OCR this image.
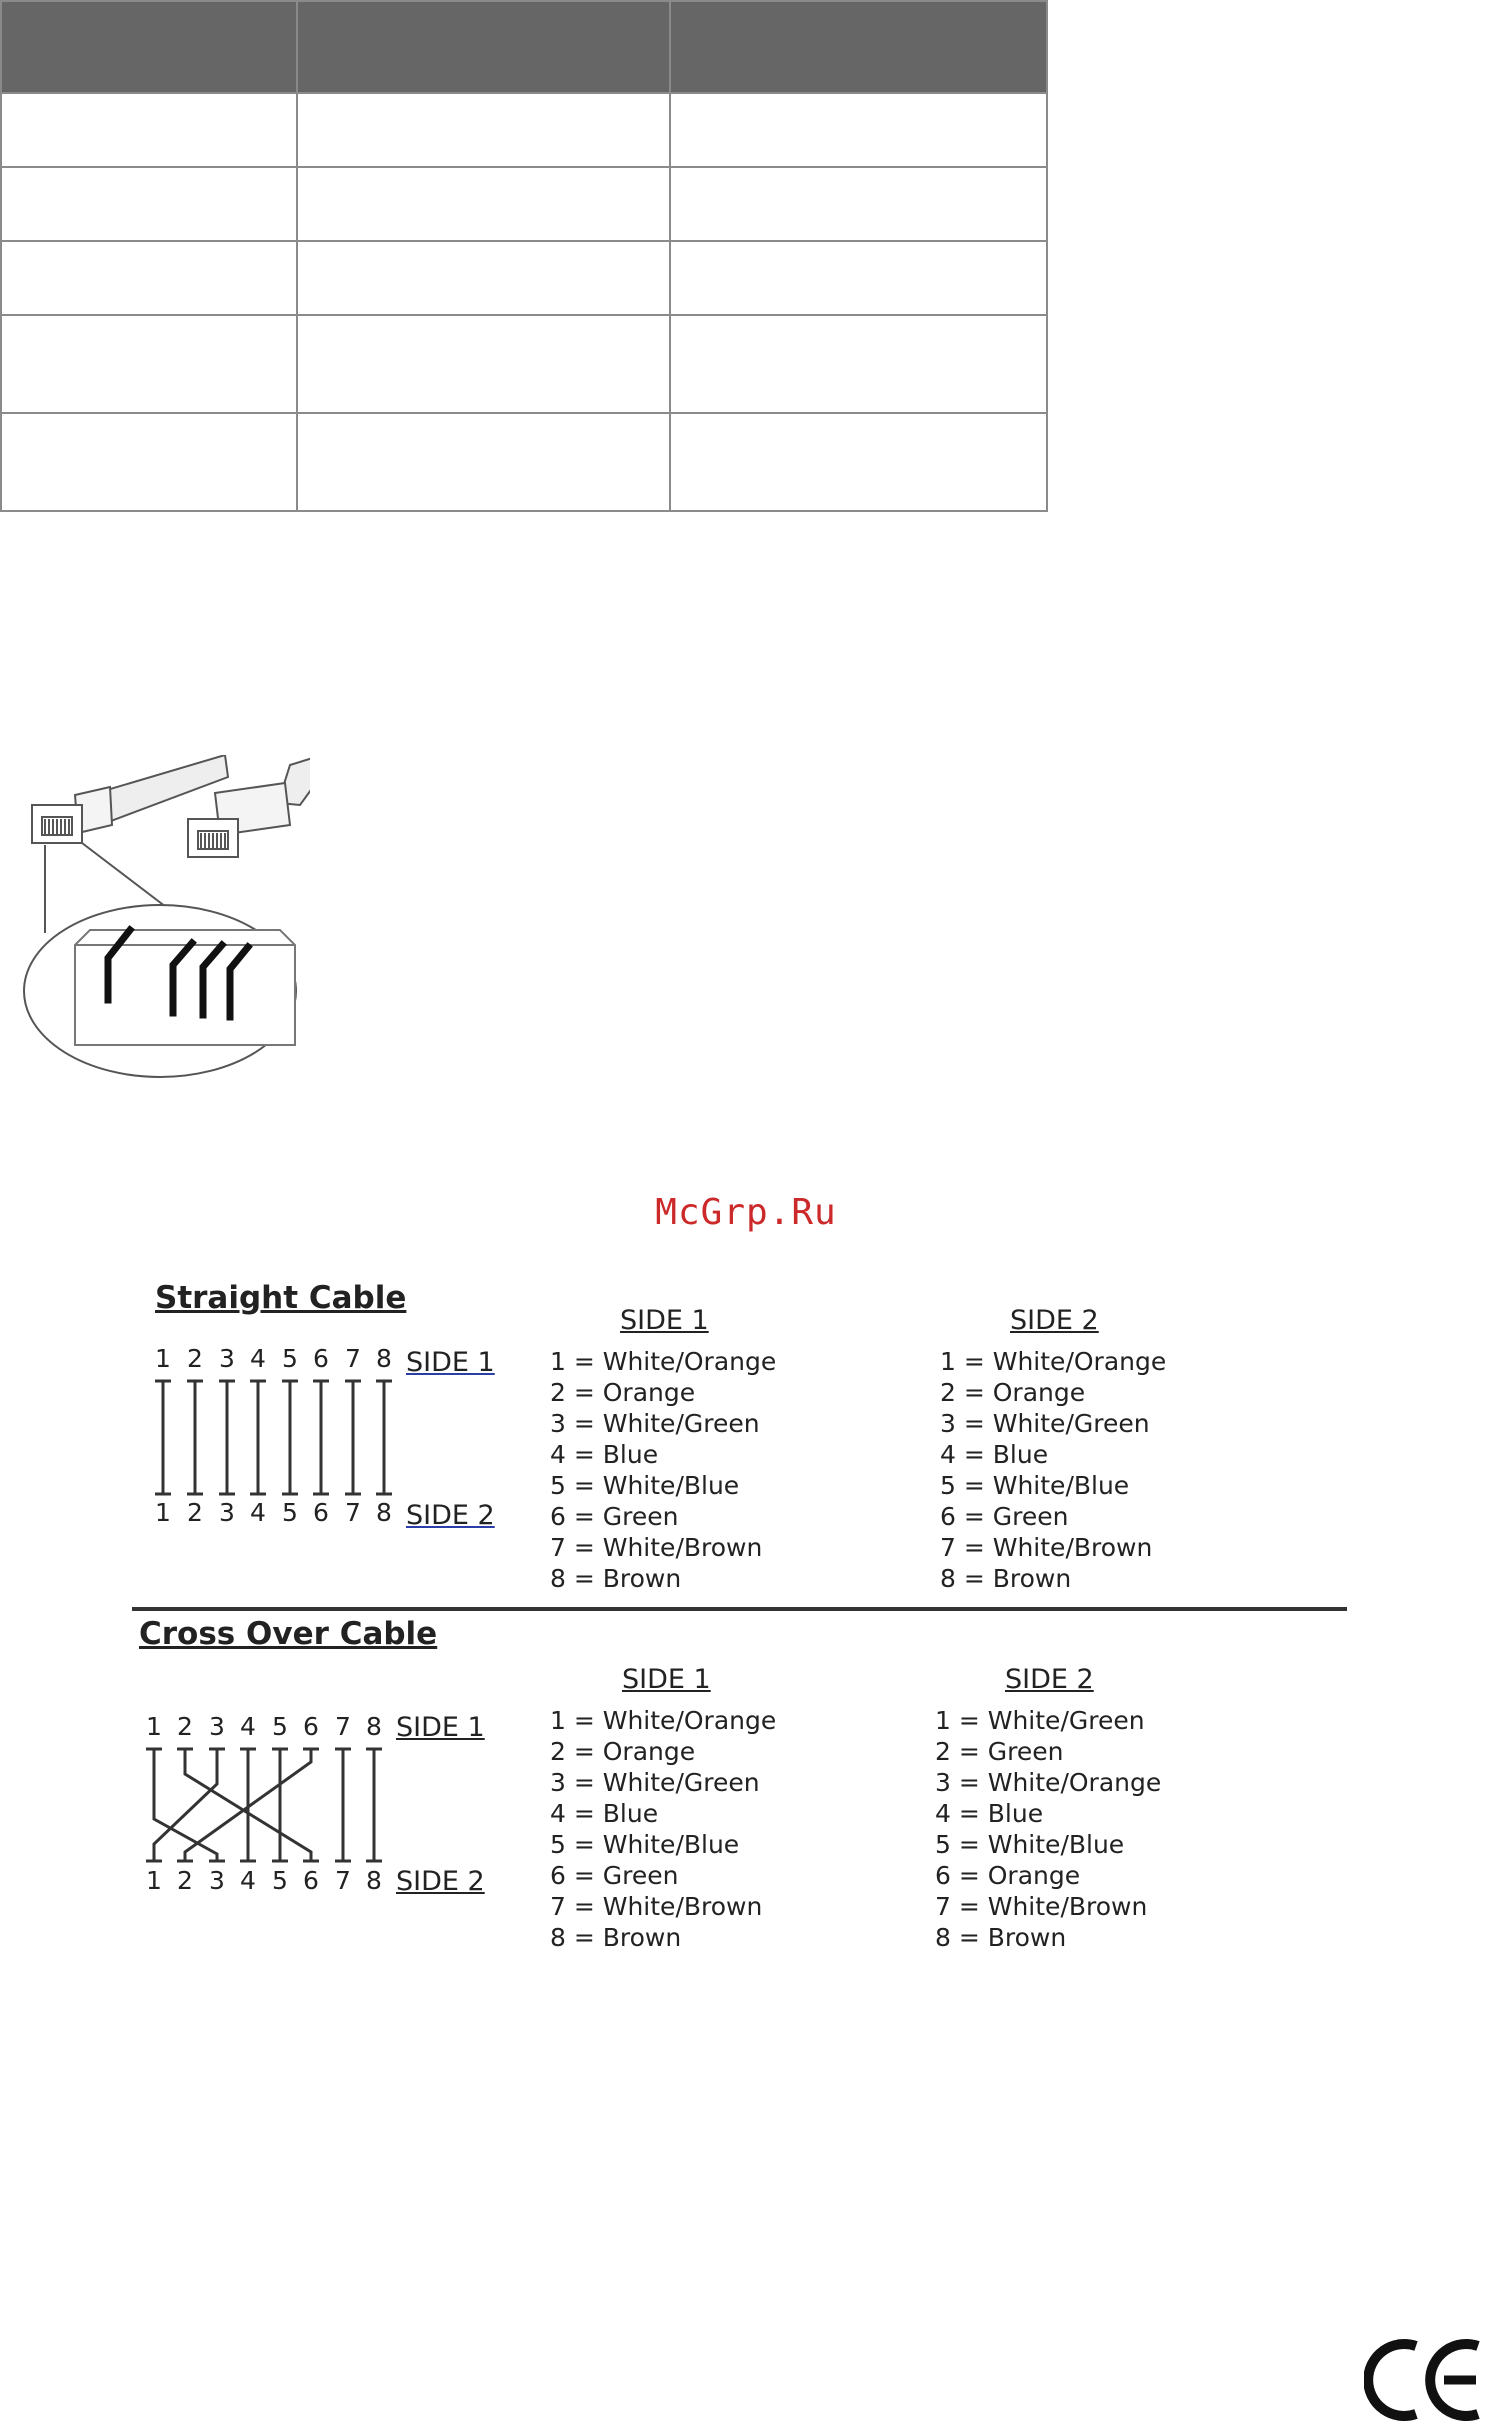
McGrp.Ru
Straight Cable
1 2 3 4 5 6 7 8 SIDE 1
1 2 3 4 5 6 7 8 SIDE 2
SIDE 1
1 = White/Orange
2 = Orange
3 = White/Green
4 = Blue
5 = White/Blue
6 = Green
7 = White/Brown
8 = Brown
SIDE 2
1 = White/Orange
2 = Orange
3 = White/Green
4 = Blue
5 = White/Blue
6 = Green
7 = White/Brown
8 = Brown
Cross Over Cable
1 2 3 4 5 6 7 8 SIDE 1
1 2 3 4 5 6 7 8 SIDE 2
SIDE 1
1 = White/Orange
2 = Orange
3 = White/Green
4 = Blue
5 = White/Blue
6 = Green
7 = White/Brown
8 = Brown
SIDE 2
1 = White/Green
2 = Green
3 = White/Orange
4 = Blue
5 = White/Blue
6 = Orange
7 = White/Brown
8 = Brown
